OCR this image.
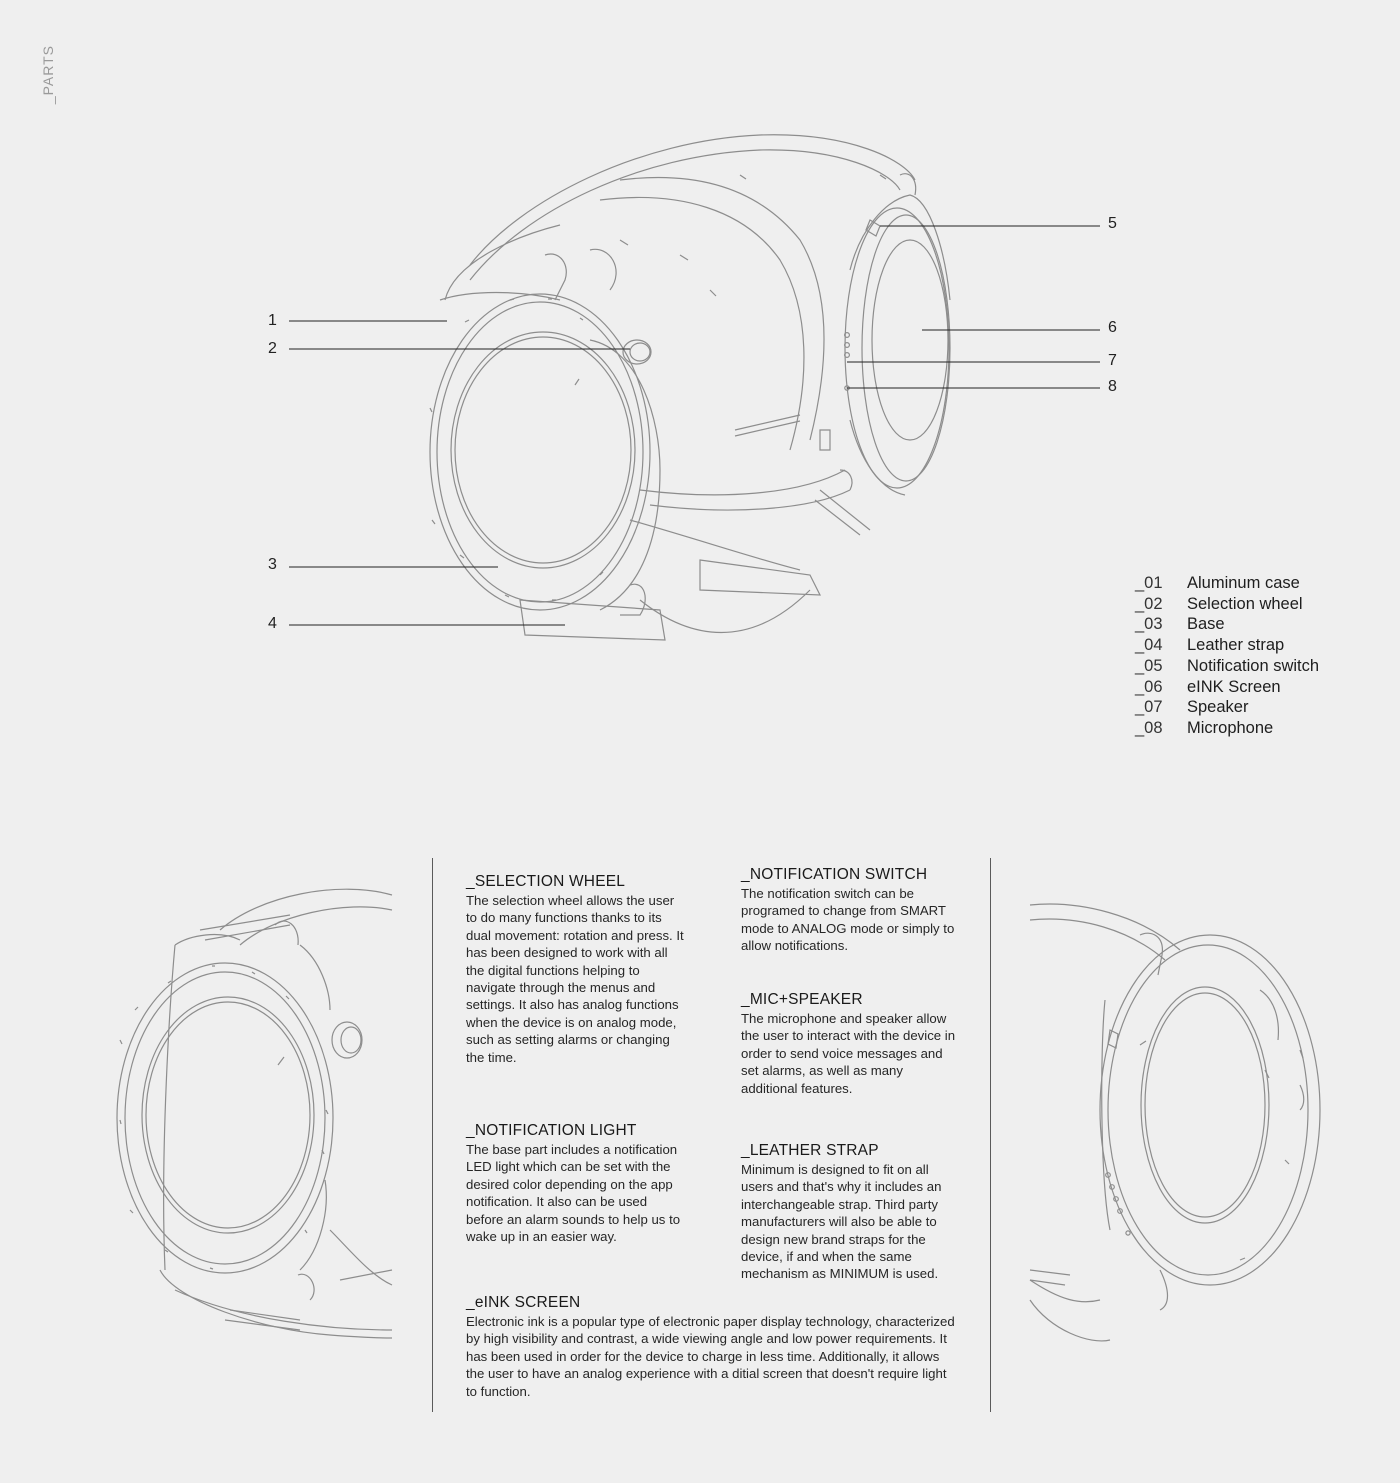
_PARTS
1
2
3
4
5
6
7
8
_01	Aluminum case
_02	Selection wheel
_03	Base
_04	Leather strap
_05	Notification switch
_06	eINK Screen
_07	Speaker
_08	Microphone
_SELECTION WHEEL

The selection wheel allows the user to do many functions thanks to its dual movement: rotation and press. It has been designed to work with all the digital functions helping to navigate through the menus and settings. It also has analog functions when the device is on analog mode, such as setting alarms or changing the time.

_NOTIFICATION LIGHT

The base part includes a notification LED light which can be set with the desired color depending on the app notification. It also can be used before an alarm sounds to help us to wake up in an easier way.

_NOTIFICATION SWITCH

The notification switch can be programed to change from SMART mode to ANALOG mode or simply to allow notifications.

_MIC+SPEAKER

The microphone and speaker allow the user to interact with the device in order to send voice messages and set alarms, as well as many additional features.

_LEATHER STRAP

Minimum is designed to fit on all users and that's why it includes an interchangeable strap. Third party manufacturers will also be able to design new brand straps for the device, if and when the same mechanism as MINIMUM is used.

_eINK SCREEN

Electronic ink is a popular type of electronic paper display technology, characterized by high visibility and contrast, a wide viewing angle and low power requirements. It has been used in order for the device to charge in less time. Additionally, it allows the user to have an analog experience with a ditial screen that doesn't require light to function.
